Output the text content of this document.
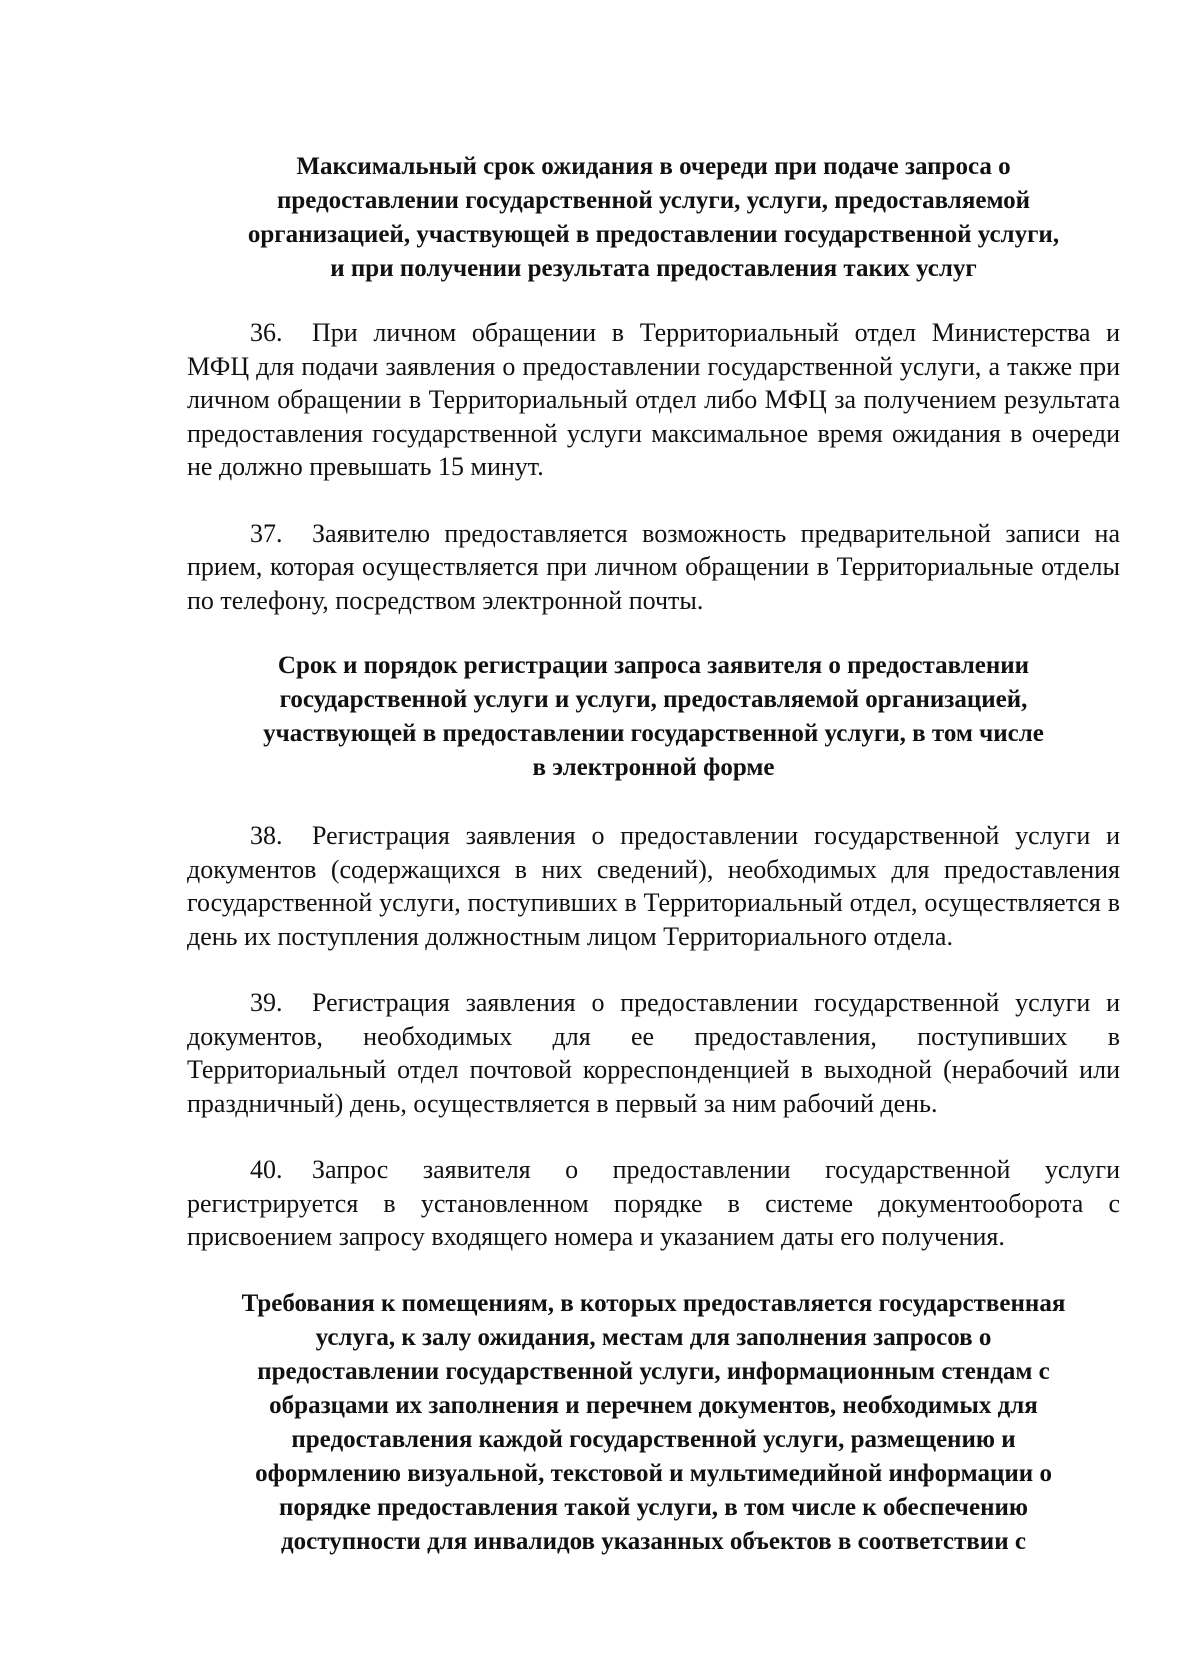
Максимальный срок ожидания в очереди при подаче запроса о
предоставлении государственной услуги, услуги, предоставляемой
организацией, участвующей в предоставлении государственной услуги,
и при получении результата предоставления таких услуг

36. При личном обращении в Территориальный отдел Министерства и МФЦ для подачи заявления о предоставлении государственной услуги, а также при личном обращении в Территориальный отдел либо МФЦ за получением результата предоставления государственной услуги максимальное время ожидания в очереди не должно превышать 15 минут.

37. Заявителю предоставляется возможность предварительной записи на прием, которая осуществляется при личном обращении в Территориальные отделы по телефону, посредством электронной почты.

Срок и порядок регистрации запроса заявителя о предоставлении
государственной услуги и услуги, предоставляемой организацией,
участвующей в предоставлении государственной услуги, в том числе
в электронной форме

38. Регистрация заявления о предоставлении государственной услуги и документов (содержащихся в них сведений), необходимых для предоставления государственной услуги, поступивших в Территориальный отдел, осуществляется в день их поступления должностным лицом Территориального отдела.

39. Регистрация заявления о предоставлении государственной услуги и документов, необходимых для ее предоставления, поступивших в Территориальный отдел почтовой корреспонденцией в выходной (нерабочий или праздничный) день, осуществляется в первый за ним рабочий день.

40. Запрос заявителя о предоставлении государственной услуги регистрируется в установленном порядке в системе документооборота с присвоением запросу входящего номера и указанием даты его получения.

Требования к помещениям, в которых предоставляется государственная
услуга, к залу ожидания, местам для заполнения запросов о
предоставлении государственной услуги, информационным стендам с
образцами их заполнения и перечнем документов, необходимых для
предоставления каждой государственной услуги, размещению и
оформлению визуальной, текстовой и мультимедийной информации о
порядке предоставления такой услуги, в том числе к обеспечению
доступности для инвалидов указанных объектов в соответствии с
